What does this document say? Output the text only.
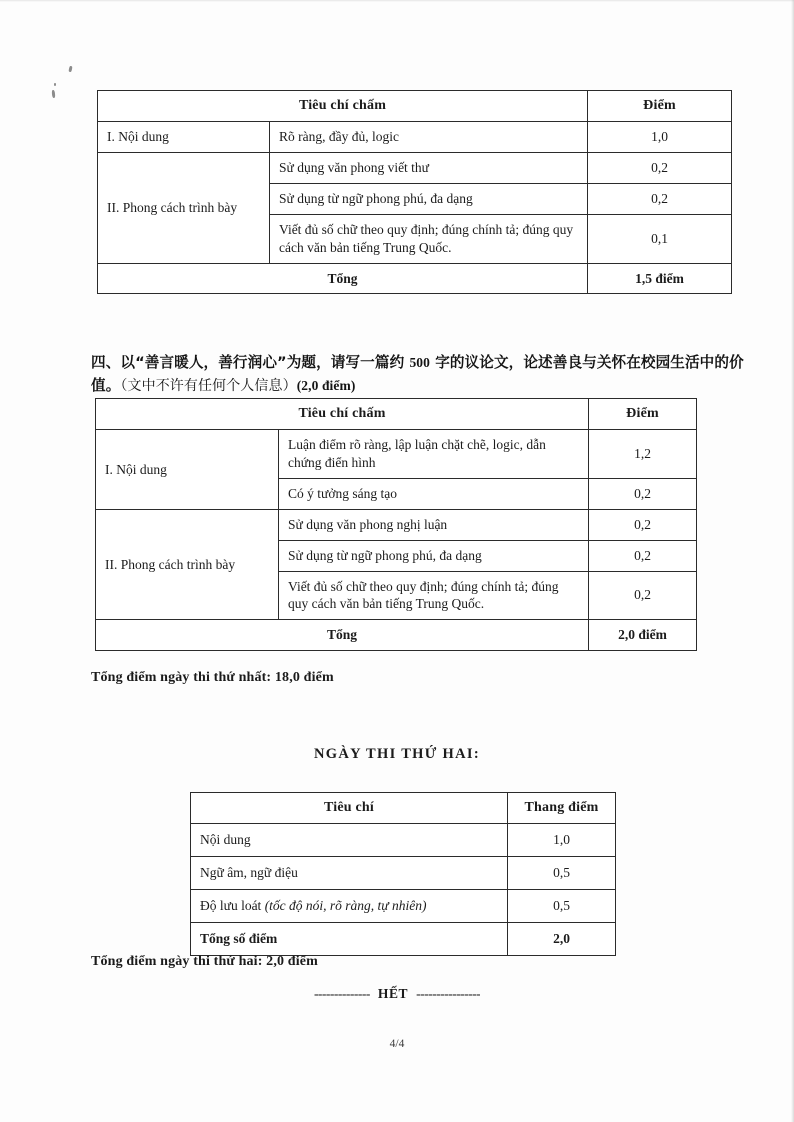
Tiêu chí chấm		Điểm
I. Nội dung	Rõ ràng, đầy đủ, logic	1,0
II. Phong cách trình bày	Sử dụng văn phong viết thư	0,2
	Sử dụng từ ngữ phong phú, đa dạng	0,2
	Viết đủ số chữ theo quy định; đúng chính tả; đúng quy cách văn bản tiếng Trung Quốc.	0,1
Tổng		1,5 điểm

四、以“善言暖人，善行润心”为题，请写一篇约 500 字的议论文，论述善良与关怀在校园生活中的价值。（文中不许有任何个人信息）(2,0 điểm)

Tiêu chí chấm		Điểm
I. Nội dung	Luận điểm rõ ràng, lập luận chặt chẽ, logic, dẫn chứng điển hình	1,2
	Có ý tưởng sáng tạo	0,2
II. Phong cách trình bày	Sử dụng văn phong nghị luận	0,2
	Sử dụng từ ngữ phong phú, đa dạng	0,2
	Viết đủ số chữ theo quy định; đúng chính tả; đúng quy cách văn bản tiếng Trung Quốc.	0,2
Tổng		2,0 điểm
Tổng điểm ngày thi thứ nhất: 18,0 điểm
NGÀY THI THỨ HAI:
Tiêu chí	Thang điểm
Nội dung	1,0
Ngữ âm, ngữ điệu	0,5
Độ lưu loát (tốc độ nói, rõ ràng, tự nhiên)	0,5
Tổng số điểm	2,0
Tổng điểm ngày thi thứ hai: 2,0 điểm
-------------- HẾT ----------------
4/4
